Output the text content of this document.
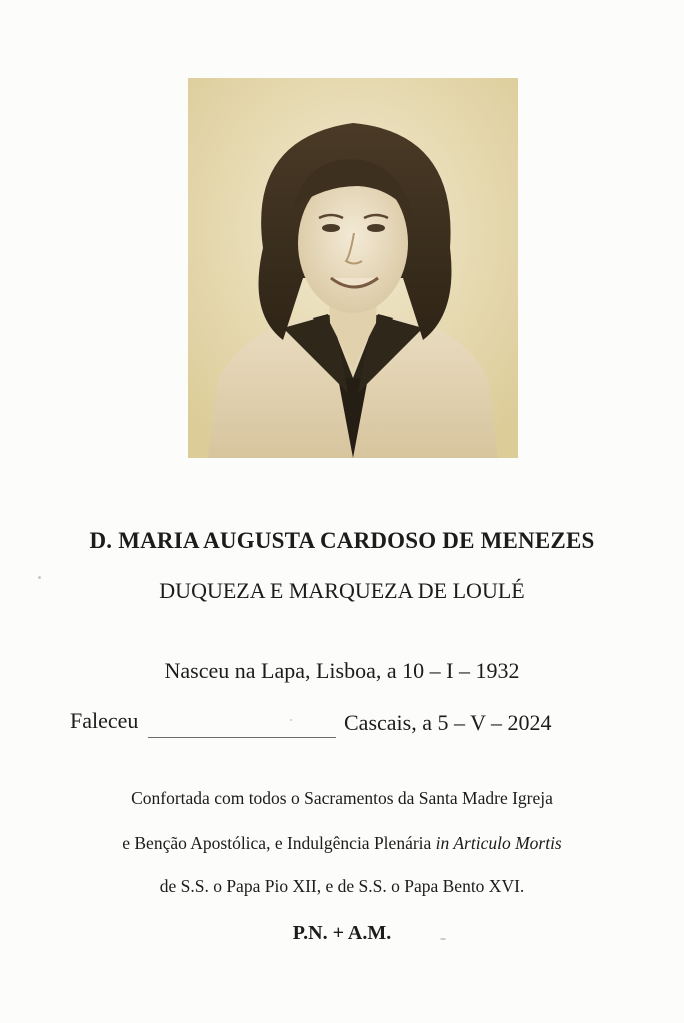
D. MARIA AUGUSTA CARDOSO DE MENEZES
DUQUEZA E MARQUEZA DE LOULÉ
Nasceu na Lapa, Lisboa, a 10 – I – 1932
Faleceu	Cascais, a 5 – V – 2024
Confortada com todos o Sacramentos da Santa Madre Igreja
e Benção Apostólica, e Indulgência Plenária in Articulo Mortis
de S.S. o Papa Pio XII, e de S.S. o Papa Bento XVI.
P.N. + A.M.
